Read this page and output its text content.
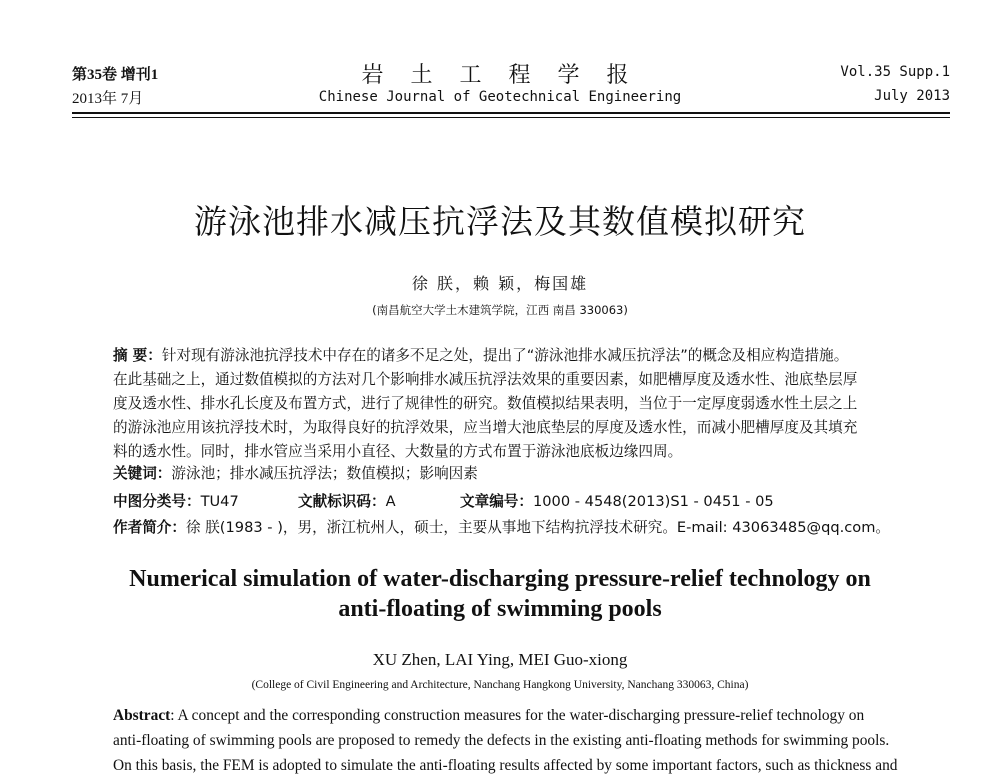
第35卷 增刊1
2013年 7月
岩 土 工 程 学 报
Chinese Journal of Geotechnical Engineering
Vol.35 Supp.1
July 2013
游泳池排水减压抗浮法及其数值模拟研究
徐 朕，赖 颖，梅国雄
(南昌航空大学土木建筑学院，江西 南昌 330063)
摘 要：针对现有游泳池抗浮技术中存在的诸多不足之处，提出了“游泳池排水减压抗浮法”的概念及相应构造措施。
在此基础之上，通过数值模拟的方法对几个影响排水减压抗浮法效果的重要因素，如肥槽厚度及透水性、池底垫层厚
度及透水性、排水孔长度及布置方式，进行了规律性的研究。数值模拟结果表明，当位于一定厚度弱透水性土层之上
的游泳池应用该抗浮技术时，为取得良好的抗浮效果，应当增大池底垫层的厚度及透水性，而减小肥槽厚度及其填充
料的透水性。同时，排水管应当采用小直径、大数量的方式布置于游泳池底板边缘四周。
关键词：游泳池；排水减压抗浮法；数值模拟；影响因素
中图分类号：TU47	文献标识码：A	文章编号：1000 - 4548(2013)S1 - 0451 - 05
作者简介：徐 朕(1983 - )，男，浙江杭州人，硕士，主要从事地下结构抗浮技术研究。E-mail: 43063485@qq.com。
Numerical simulation of water-discharging pressure-relief technology on
anti-floating of swimming pools
XU Zhen, LAI Ying, MEI Guo-xiong
(College of Civil Engineering and Architecture, Nanchang Hangkong University, Nanchang 330063, China)
Abstract: A concept and the corresponding construction measures for the water-discharging pressure-relief technology on
anti-floating of swimming pools are proposed to remedy the defects in the existing anti-floating methods for swimming pools.
On this basis, the FEM is adopted to simulate the anti-floating results affected by some important factors, such as thickness and
